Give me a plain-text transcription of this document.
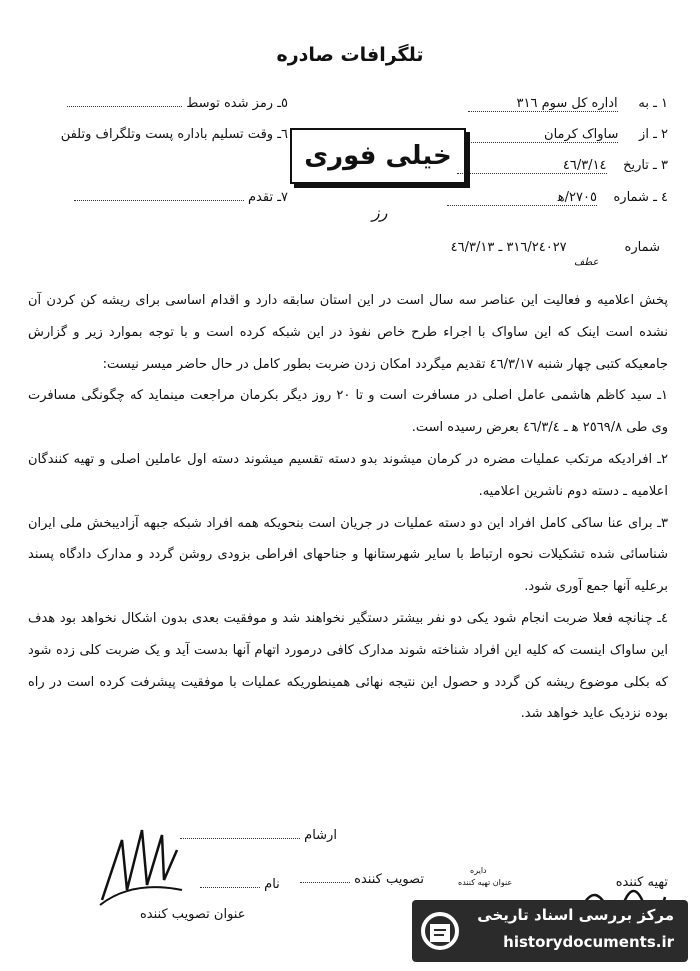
تلگرافات صادره
١ ـ به     اداره کل سوم ٣١٦
٢ ـ از     ساواک کرمان
٣ ـ تاریخ    ٤٦/٣/١٤
٤ ـ شماره    ٢٧٠٥/ﻫ
٥ـ رمز شده توسط
٦ـ وقت تسلیم باداره پست وتلگراف وتلفن
٧ـ تقدم
خیلی فوری
رز
شماره              ٣١٦/٢٤٠٢٧ ـ ٤٦/٣/١٣
عطف

پخش اعلامیه و فعالیت این عناصر سه سال است در این استان سابقه دارد و اقدام اساسی برای ریشه کن کردن آن نشده است اینک که این ساواک با اجراء طرح خاص نفوذ در این شبکه کرده است و با توجه بموارد زیر و گزارش جامعیکه کتبی چهار شنبه ٤٦/٣/١٧ تقدیم میگردد امکان زدن ضربت بطور کامل در حال حاضر میسر نیست:

١ـ سید کاظم هاشمی عامل اصلی در مسافرت است و تا ٢٠ روز دیگر بکرمان مراجعت مینماید که چگونگی مسافرت وی طی ٢٥٦٩/٨ ﻫ ـ ٤٦/٣/٤ بعرض رسیده است.

٢ـ افرادیکه مرتکب عملیات مضره در کرمان میشوند بدو دسته تقسیم میشوند دسته اول عاملین اصلی و تهیه کنندگان اعلامیه ـ دسته دوم ناشرین اعلامیه.

٣ـ برای عنا ساکی کامل افراد این دو دسته عملیات در جریان است بنحویکه همه افراد شبکه جبهه آزادیبخش ملی ایران شناسائی شده تشکیلات نحوه ارتباط با سایر شهرستانها و جناحهای افراطی بزودی روشن گردد و مدارک دادگاه پسند برعلیه آنها جمع آوری شود.

٤ـ چنانچه فعلا ضربت انجام شود یکی دو نفر بیشتر دستگیر نخواهند شد و موفقیت بعدی بدون اشکال نخواهد بود هدف این ساواک اینست که کلیه این افراد شناخته شوند مدارک کافی درمورد اتهام آنها بدست آید و یک ضربت کلی زده شود که بکلی موضوع ریشه کن گردد و حصول این نتیجه نهائی همینطوریکه عملیات با موفقیت پیشرفت کرده است در راه بوده نزدیک عاید خواهد شد.

ارشام
تهیه کننده
دایره
عنوان تهیه کننده
تصویب کننده
نام
عنوان تصویب کننده	مرکز بررسی اسناد تاریخی
historydocuments.ir
